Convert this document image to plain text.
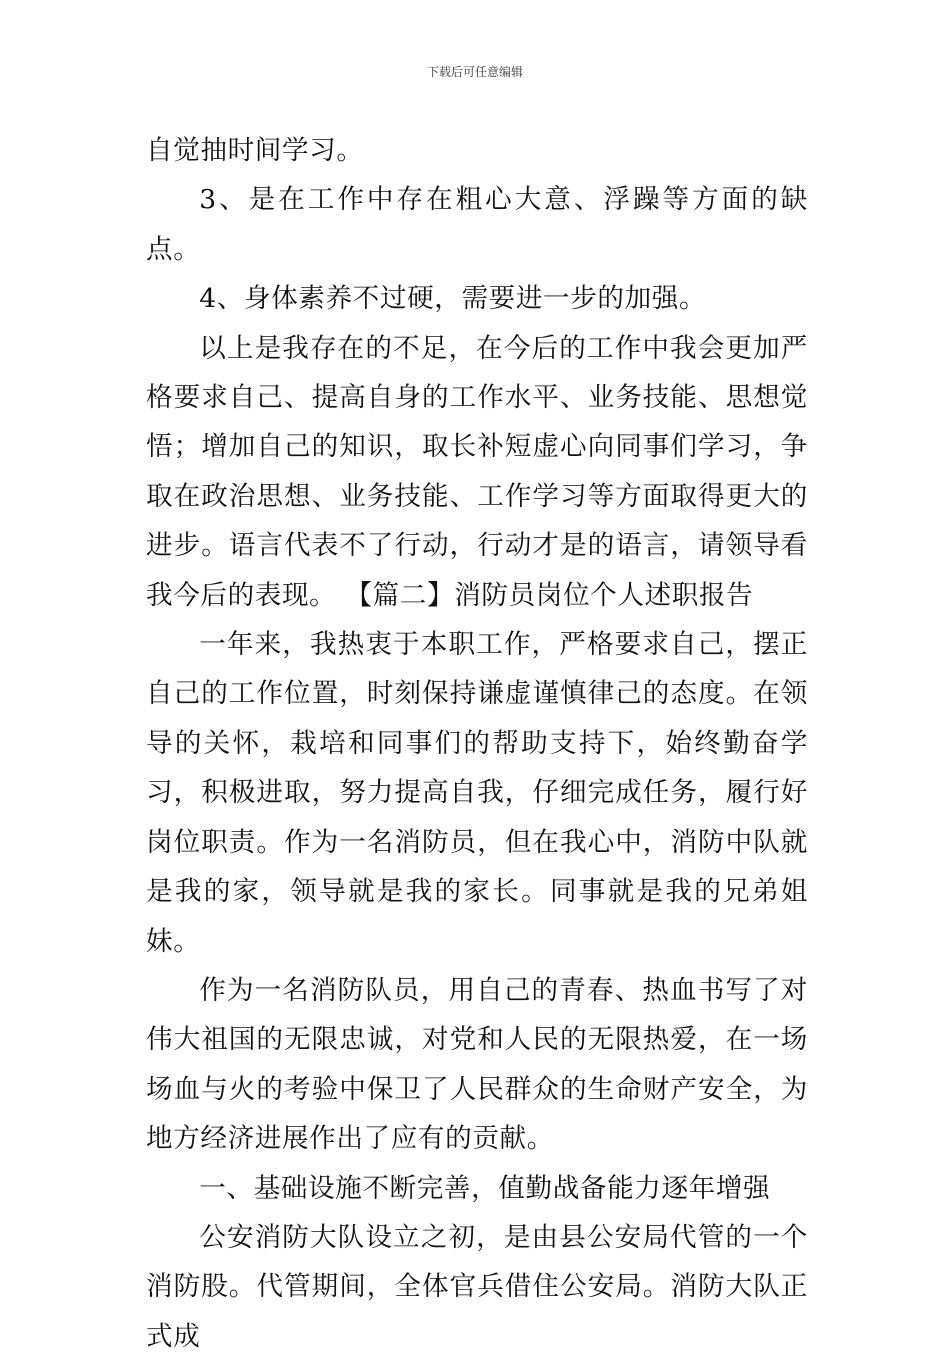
下载后可任意编辑

自觉抽时间学习。

3、是在工作中存在粗心大意、浮躁等方面的缺点。

4、身体素养不过硬，需要进一步的加强。

以上是我存在的不足，在今后的工作中我会更加严格要求自己、提高自身的工作水平、业务技能、思想觉悟；增加自己的知识，取长补短虚心向同事们学习，争取在政治思想、业务技能、工作学习等方面取得更大的进步。语言代表不了行动，行动才是的语言，请领导看我今后的表现。 【篇二】消防员岗位个人述职报告

一年来，我热衷于本职工作，严格要求自己，摆正自己的工作位置，时刻保持谦虚谨慎律己的态度。在领导的关怀，栽培和同事们的帮助支持下，始终勤奋学习，积极进取，努力提高自我，仔细完成任务，履行好岗位职责。作为一名消防员，但在我心中，消防中队就是我的家，领导就是我的家长。同事就是我的兄弟姐妹。

作为一名消防队员，用自己的青春、热血书写了对伟大祖国的无限忠诚，对党和人民的无限热爱，在一场场血与火的考验中保卫了人民群众的生命财产安全，为地方经济进展作出了应有的贡献。

一、基础设施不断完善，值勤战备能力逐年增强

公安消防大队设立之初，是由县公安局代管的一个消防股。代管期间，全体官兵借住公安局。消防大队正式成
